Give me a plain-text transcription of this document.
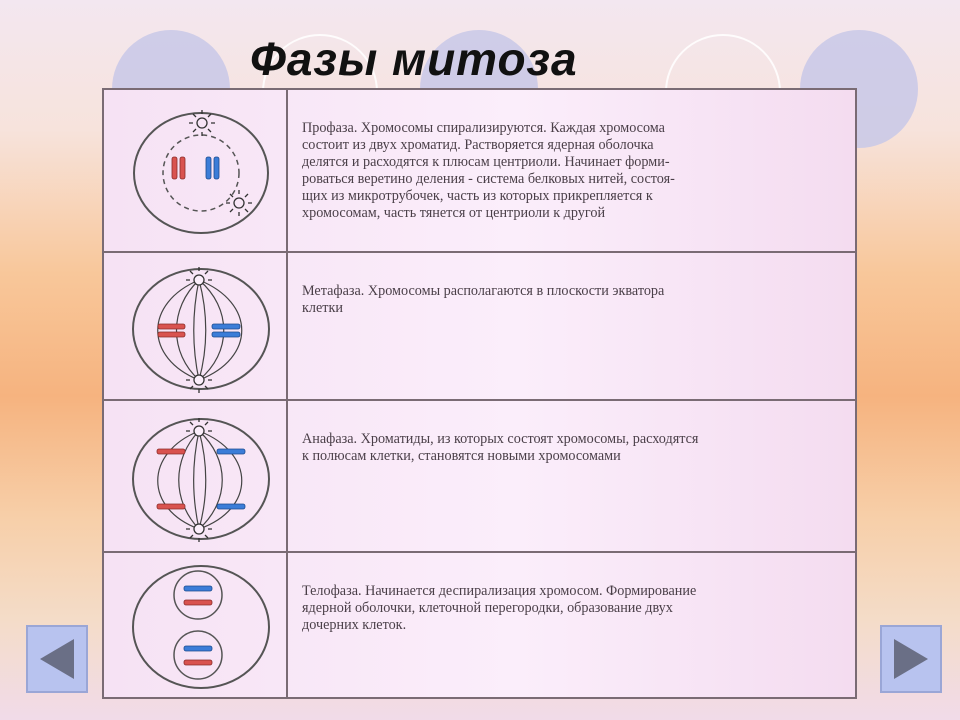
Фазы митоза

Профаза. Хромосомы спирализируются. Каждая хромосома
состоит из двух хроматид. Растворяется ядерная оболочка
делятся и расходятся к плюсам центриоли. Начинает форми-
роваться веретино деления - система белковых нитей, состоя-
щих из микротрубочек, часть из которых прикрепляется к
хромосомам, часть тянется от центриоли к другой

Метафаза. Хромосомы располагаются в плоскости экватора
клетки

Анафаза. Хроматиды, из которых состоят хромосомы, расходятся
к полюсам клетки, становятся новыми хромосомами

Телофаза. Начинается деспирализация хромосом. Формирование
ядерной оболочки, клеточной перегородки, образование двух
дочерних клеток.
